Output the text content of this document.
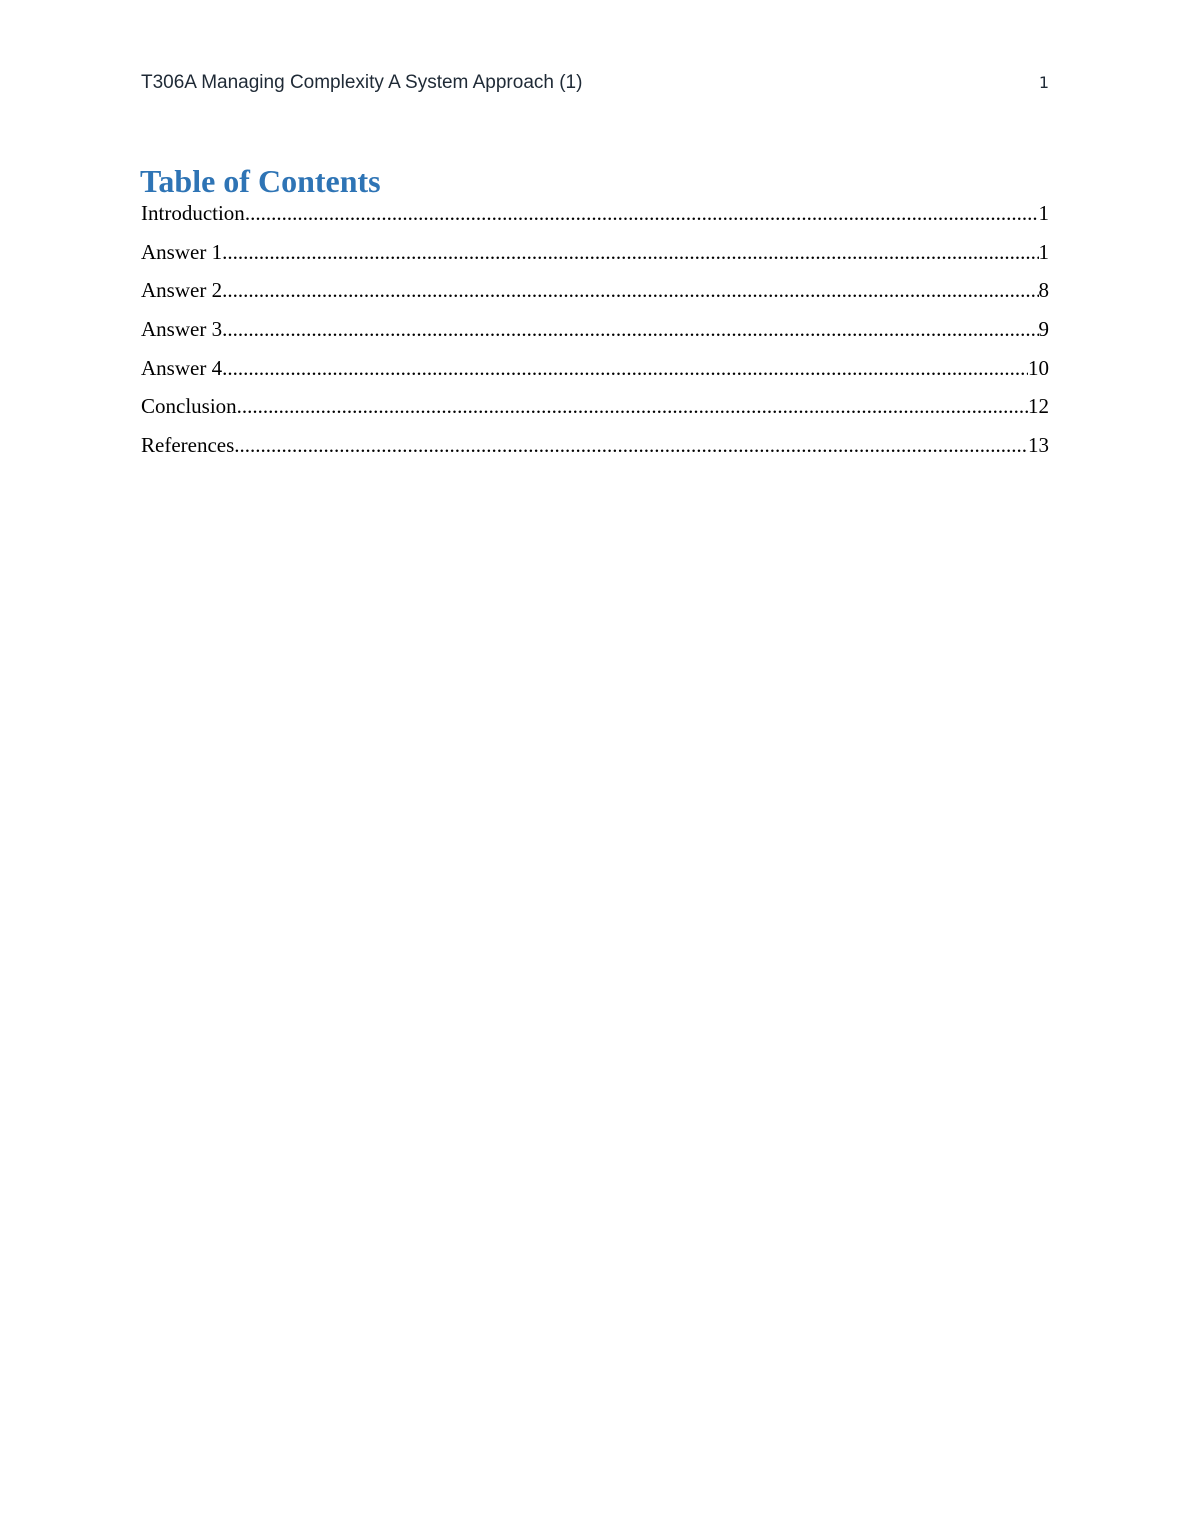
T306A Managing Complexity A System Approach (1)	1
Table of Contents
Introduction .....	1
Answer 1 .....	1
Answer 2 .....	8
Answer 3 .....	9
Answer 4 .....	10
Conclusion .....	12
References .....	13
